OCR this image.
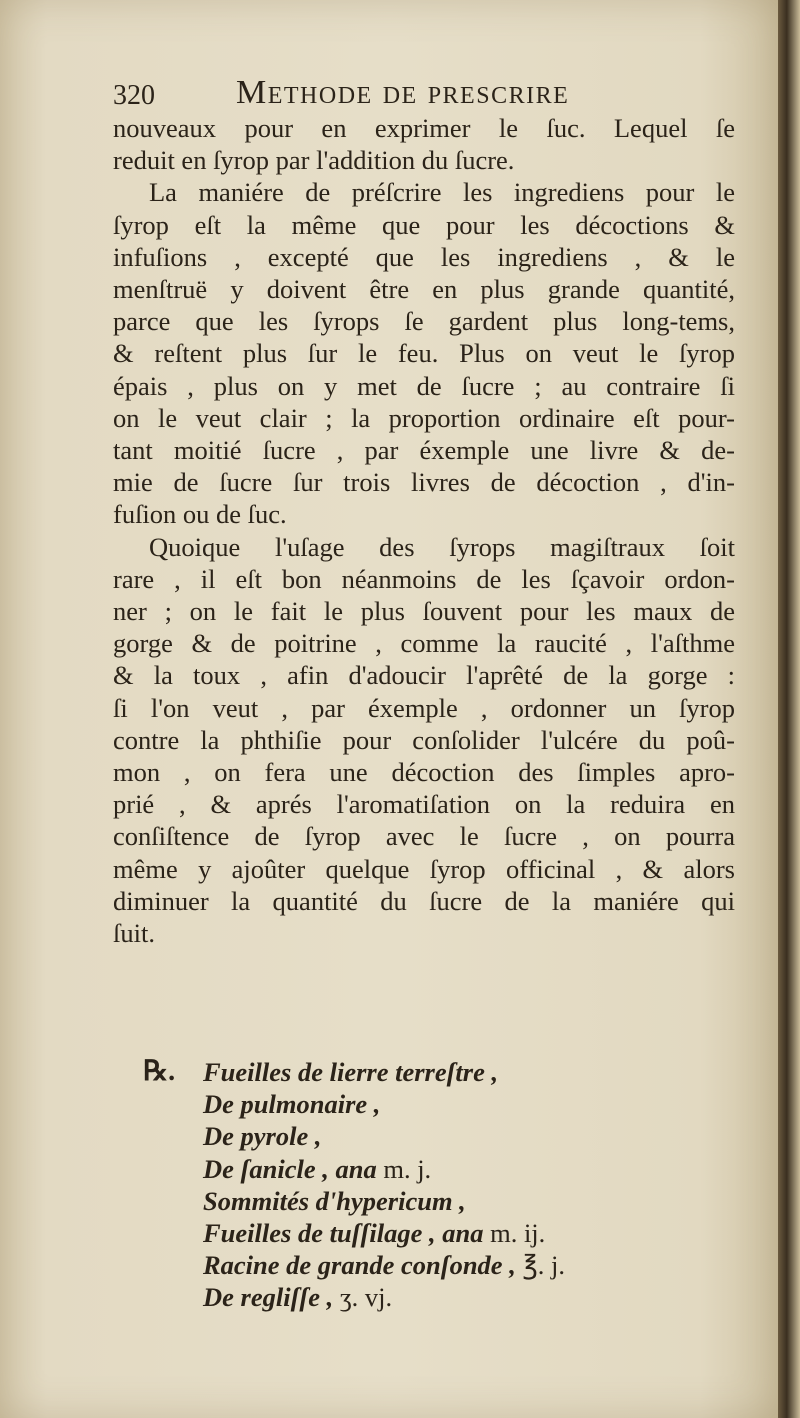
320 Methode de prescrire
nouveaux pour en exprimer le ſuc. Lequel ſe
reduit en ſyrop par l'addition du ſucre.
La maniére de préſcrire les ingrediens pour le
ſyrop eſt la même que pour les décoctions &
infuſions , excepté que les ingrediens , & le
menſtruë y doivent être en plus grande quantité,
parce que les ſyrops ſe gardent plus long-tems,
& reſtent plus ſur le feu. Plus on veut le ſyrop
épais , plus on y met de ſucre ; au contraire ſi
on le veut clair ; la proportion ordinaire eſt pour-
tant moitié ſucre , par éxemple une livre & de-
mie de ſucre ſur trois livres de décoction , d'in-
fuſion ou de ſuc.
Quoique l'uſage des ſyrops magiſtraux ſoit
rare , il eſt bon néanmoins de les ſçavoir ordon-
ner ; on le fait le plus ſouvent pour les maux de
gorge & de poitrine , comme la raucité , l'aſthme
& la toux , afin d'adoucir l'aprêté de la gorge :
ſi l'on veut , par éxemple , ordonner un ſyrop
contre la phthiſie pour conſolider l'ulcére du poû-
mon , on fera une décoction des ſimples apro-
prié , & aprés l'aromatiſation on la reduira en
conſiſtence de ſyrop avec le ſucre , on pourra
même y ajoûter quelque ſyrop officinal , & alors
diminuer la quantité du ſucre de la maniére qui
ſuit.
℞.	Fueilles de lierre terreſtre ,
De pulmonaire ,
De pyrole ,
De ſanicle , ana m. j.
Sommités d'hypericum ,
Fueilles de tuſſilage , ana m. ij.
Racine de grande conſonde , ℥. j.
De regliſſe , ʒ. vj.
